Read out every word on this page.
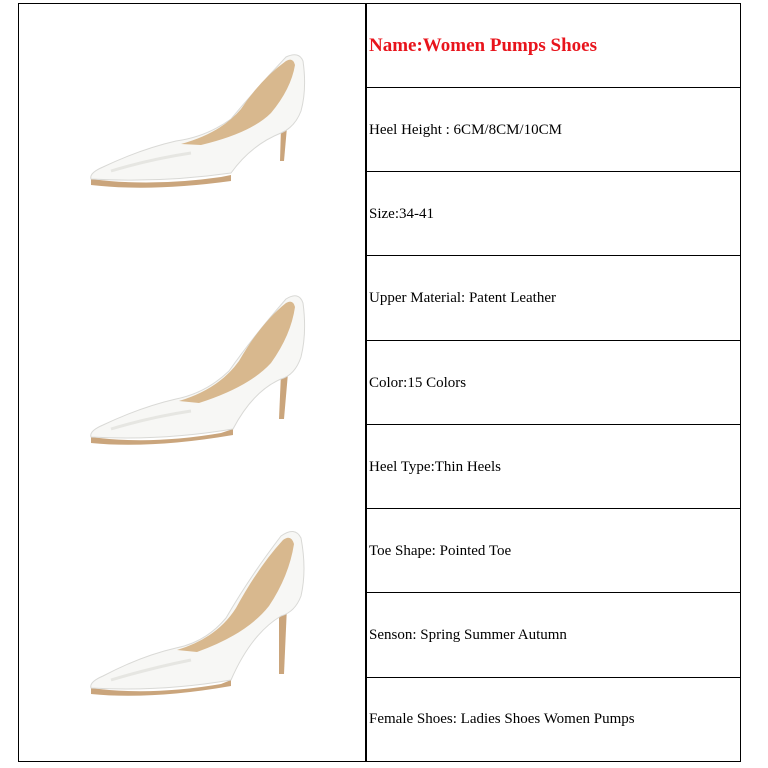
Name:Women Pumps Shoes
Heel Height : 6CM/8CM/10CM
Size:34-41
Upper Material: Patent Leather
Color:15 Colors
Heel Type:Thin Heels
Toe Shape: Pointed Toe
Senson: Spring Summer Autumn
Female Shoes: Ladies Shoes Women Pumps
